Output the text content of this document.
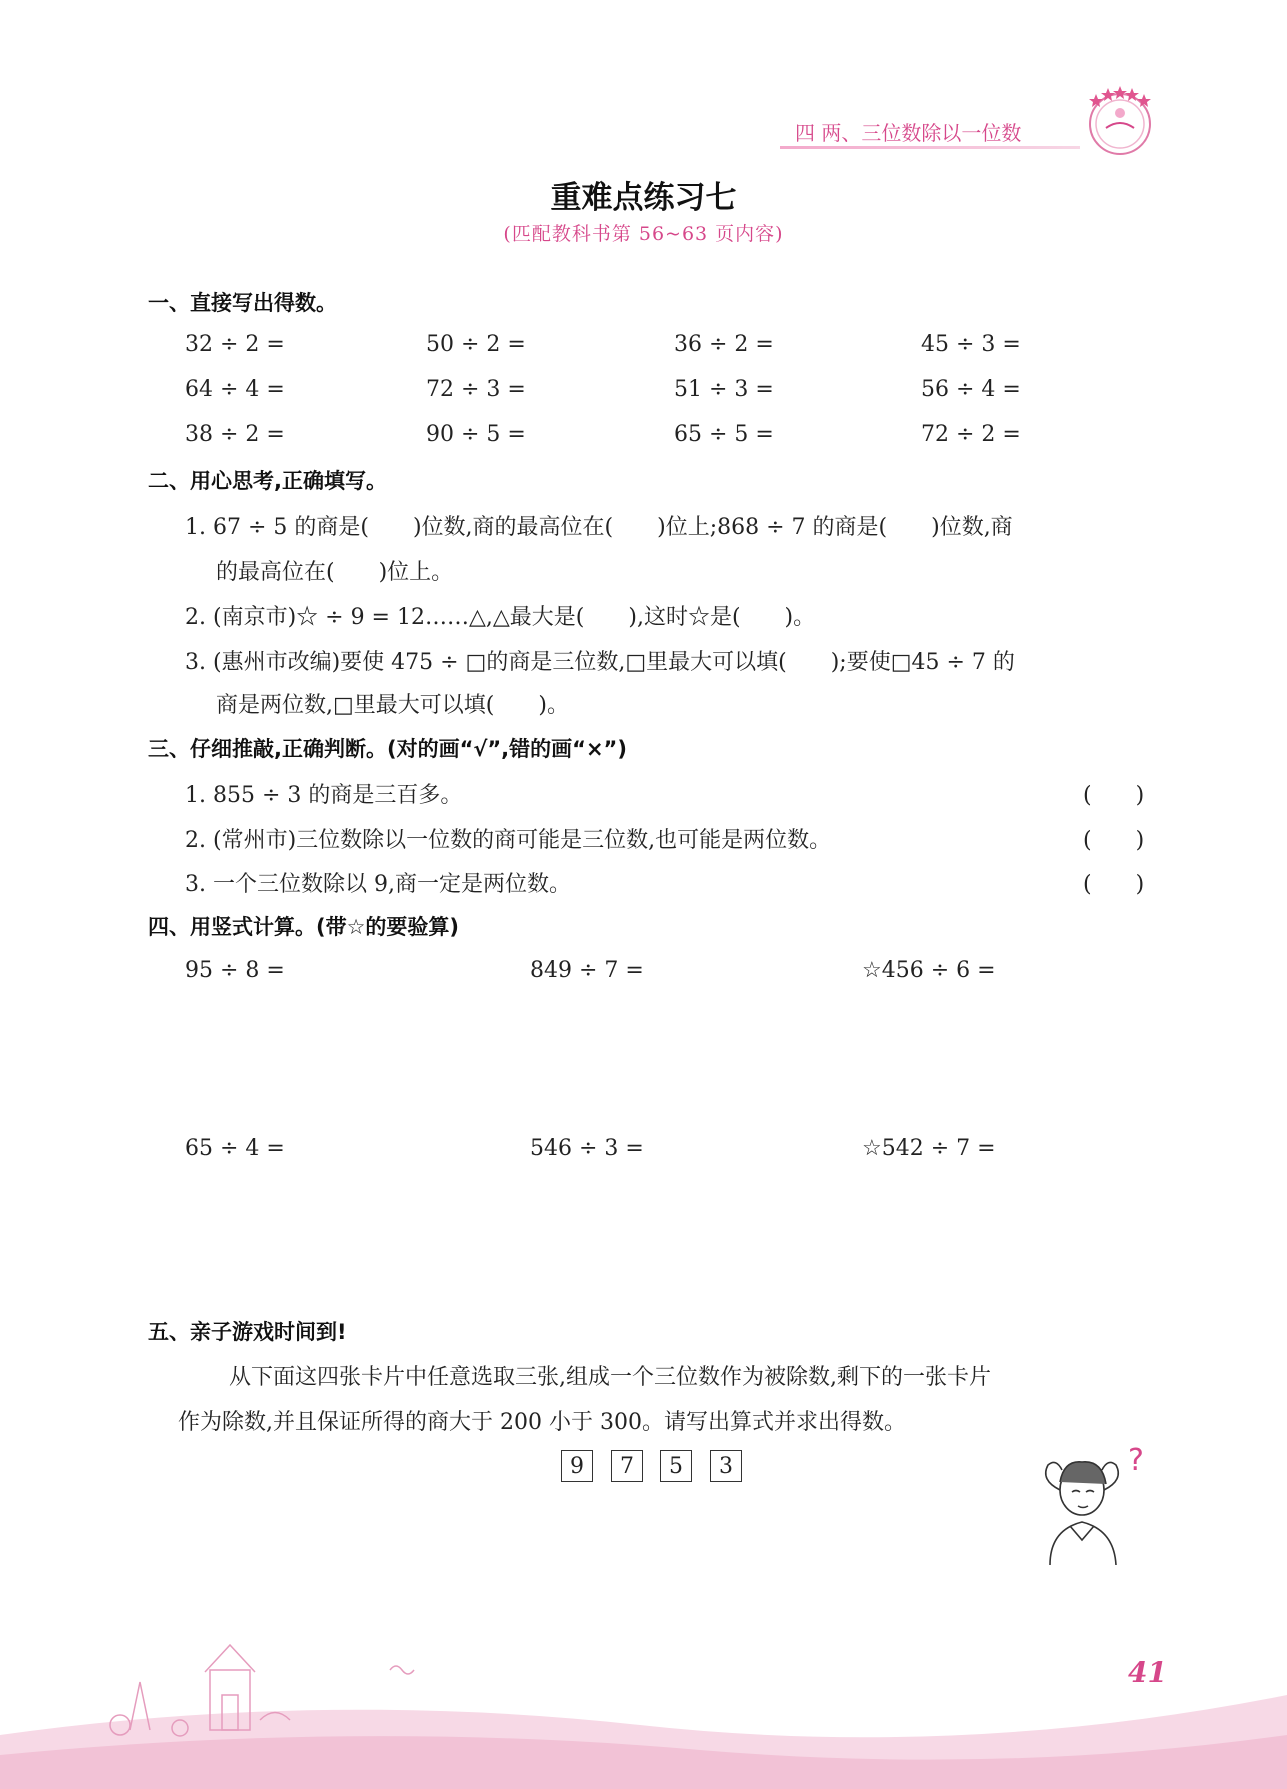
四 两、三位数除以一位数
重难点练习七
(匹配教科书第 56~63 页内容)
一、直接写出得数。
32 ÷ 2 =	50 ÷ 2 =	36 ÷ 2 =	45 ÷ 3 =
64 ÷ 4 =	72 ÷ 3 =	51 ÷ 3 =	56 ÷ 4 =
38 ÷ 2 =	90 ÷ 5 =	65 ÷ 5 =	72 ÷ 2 =
二、用心思考,正确填写。
1. 67 ÷ 5 的商是(　　)位数,商的最高位在(　　)位上;868 ÷ 7 的商是(　　)位数,商
的最高位在(　　)位上。
2. (南京市)☆ ÷ 9 = 12……△,△最大是(　　),这时☆是(　　)。
3. (惠州市改编)要使 475 ÷ □的商是三位数,□里最大可以填(　　);要使□45 ÷ 7 的
商是两位数,□里最大可以填(　　)。
三、仔细推敲,正确判断。(对的画“√”,错的画“×”)
1. 855 ÷ 3 的商是三百多。	(　　)
2. (常州市)三位数除以一位数的商可能是三位数,也可能是两位数。	(　　)
3. 一个三位数除以 9,商一定是两位数。	(　　)
四、用竖式计算。(带☆的要验算)
95 ÷ 8 =	849 ÷ 7 =	☆456 ÷ 6 =
65 ÷ 4 =	546 ÷ 3 =	☆542 ÷ 7 =
五、亲子游戏时间到!
从下面这四张卡片中任意选取三张,组成一个三位数作为被除数,剩下的一张卡片
作为除数,并且保证所得的商大于 200 小于 300。请写出算式并求出得数。
9	7	5	3	?
41
